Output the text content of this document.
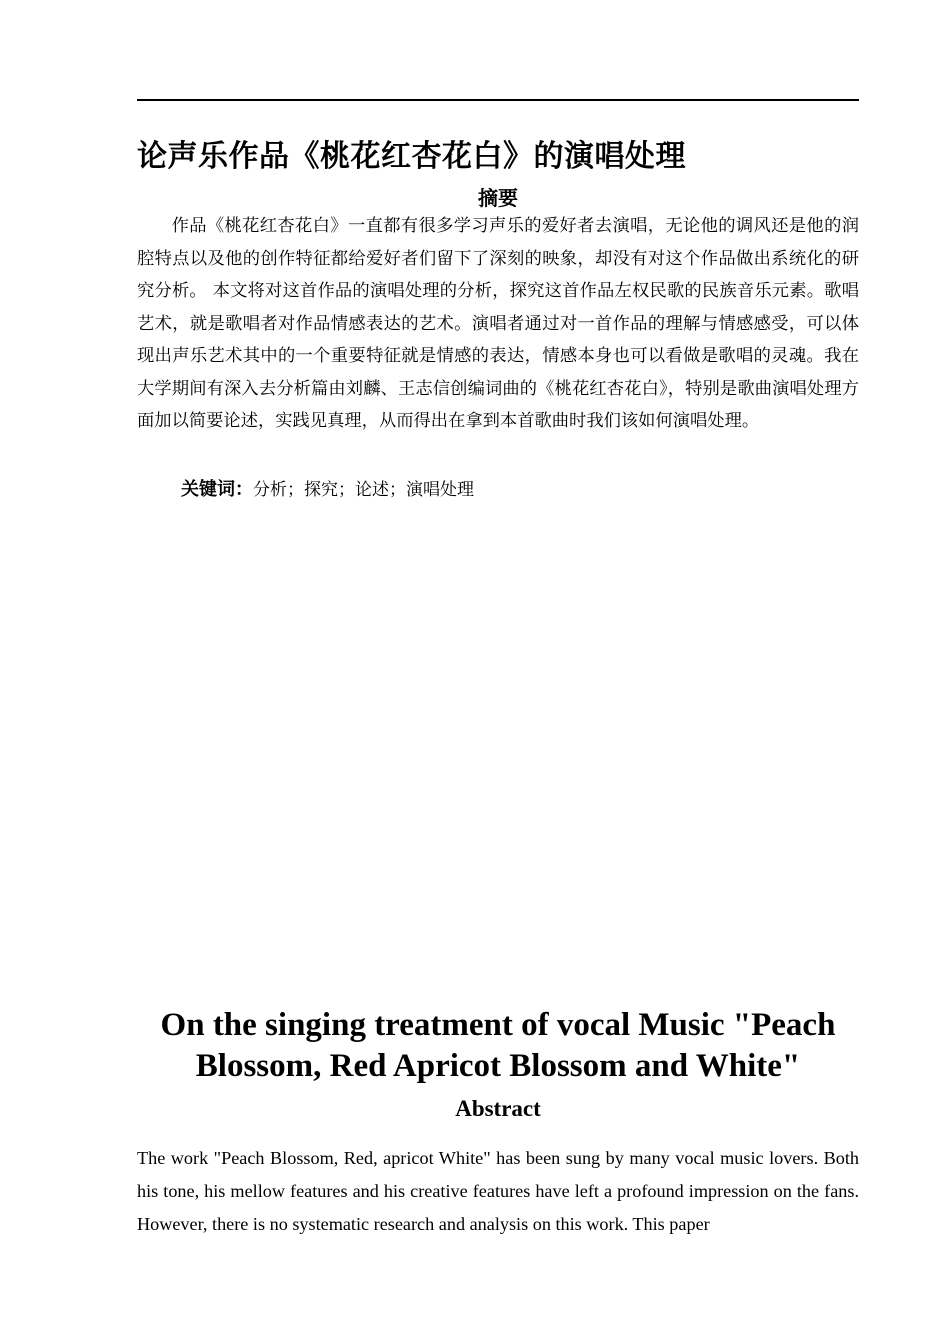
论声乐作品《桃花红杏花白》的演唱处理
摘要

作品《桃花红杏花白》一直都有很多学习声乐的爱好者去演唱，无论他的调风还是他的润腔特点以及他的创作特征都给爱好者们留下了深刻的映象，却没有对这个作品做出系统化的研究分析。 本文将对这首作品的演唱处理的分析，探究这首作品左权民歌的民族音乐元素。歌唱艺术，就是歌唱者对作品情感表达的艺术。演唱者通过对一首作品的理解与情感感受，可以体现出声乐艺术其中的一个重要特征就是情感的表达，情感本身也可以看做是歌唱的灵魂。我在大学期间有深入去分析篇由刘麟、王志信创编词曲的《桃花红杏花白》，特别是歌曲演唱处理方面加以简要论述，实践见真理，从而得出在拿到本首歌曲时我们该如何演唱处理。

关键词：分析；探究；论述；演唱处理
On the singing treatment of vocal Music "Peach Blossom, Red Apricot Blossom and White"
Abstract

The work "Peach Blossom, Red, apricot White" has been sung by many vocal music lovers. Both his tone, his mellow features and his creative features have left a profound impression on the fans. However, there is no systematic research and analysis on this work. This paper
